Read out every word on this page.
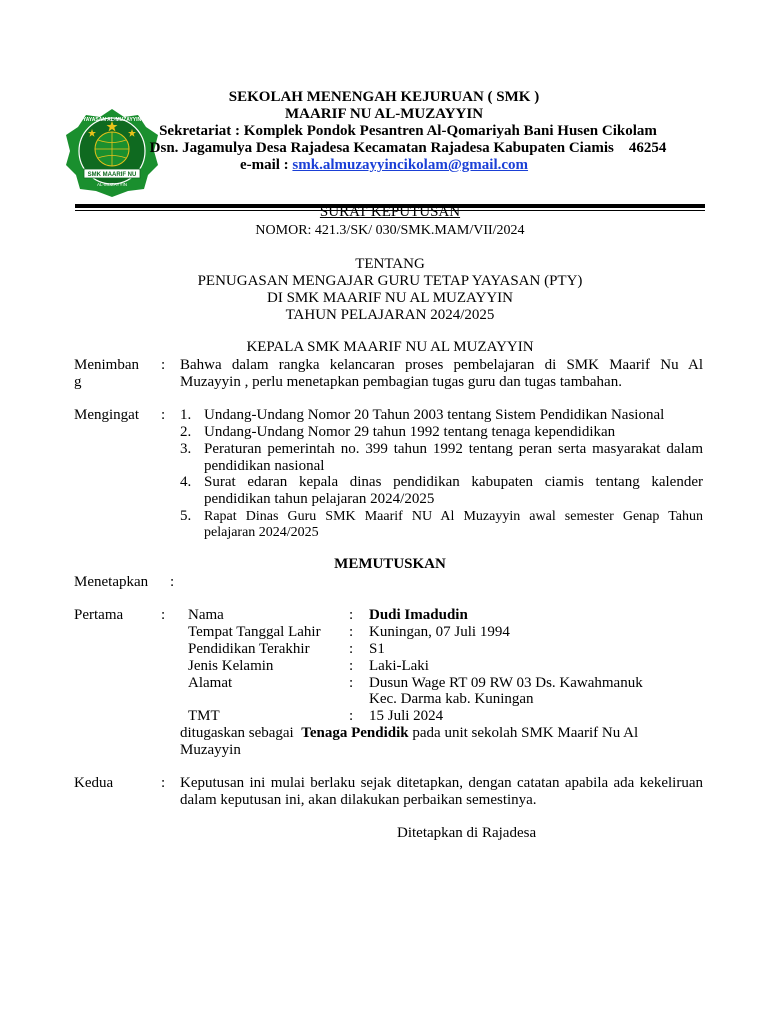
YAYASAN AL-MUZAYYIN
SMK MAARIF NU
AL-MUZAYYIN
SEKOLAH MENENGAH KEJURUAN ( SMK )
MAARIF NU AL-MUZAYYIN
Sekretariat : Komplek Pondok Pesantren Al-Qomariyah Bani Husen Cikolam
Dsn. Jagamulya Desa Rajadesa Kecamatan Rajadesa Kabupaten Ciamis 46254
e-mail : smk.almuzayyincikolam@gmail.com
SURAT KEPUTUSAN
NOMOR: 421.3/SK/ 030/SMK.MAM/VII/2024
TENTANG
PENUGASAN MENGAJAR GURU TETAP YAYASAN (PTY)
DI SMK MAARIF NU AL MUZAYYIN
TAHUN PELAJARAN 2024/2025
KEPALA SMK MAARIF NU AL MUZAYYIN
Menimban
g
: Bahwa dalam rangka kelancaran proses pembelajaran di SMK Maarif Nu Al
Muzayyin , perlu menetapkan pembagian tugas guru dan tugas tambahan.
Mengingat : 1. Undang-Undang Nomor 20 Tahun 2003 tentang Sistem Pendidikan Nasional
2. Undang-Undang Nomor 29 tahun 1992 tentang tenaga kependidikan
3. Peraturan pemerintah no. 399 tahun 1992 tentang peran serta masyarakat dalam
pendidikan nasional
4. Surat edaran kepala dinas pendidikan kabupaten ciamis tentang kalender
pendidikan tahun pelajaran 2024/2025
5. Rapat Dinas Guru SMK Maarif NU Al Muzayyin awal semester Genap Tahun
pelajaran 2024/2025
MEMUTUSKAN
Menetapkan :
Pertama	: Nama	: Dudi Imadudin
Tempat Tanggal Lahir : Kuningan, 07 Juli 1994
Pendidikan Terakhir	: S1
Jenis Kelamin	: Laki-Laki
Alamat	: Dusun Wage RT 09 RW 03 Ds. Kawahmanuk
Kec. Darma kab. Kuningan
TMT	: 15 Juli 2024
ditugaskan sebagai Tenaga Pendidik pada unit sekolah SMK Maarif Nu Al
Muzayyin
Kedua	: Keputusan ini mulai berlaku sejak ditetapkan, dengan catatan apabila ada kekeliruan
dalam keputusan ini, akan dilakukan perbaikan semestinya.
Ditetapkan di Rajadesa
